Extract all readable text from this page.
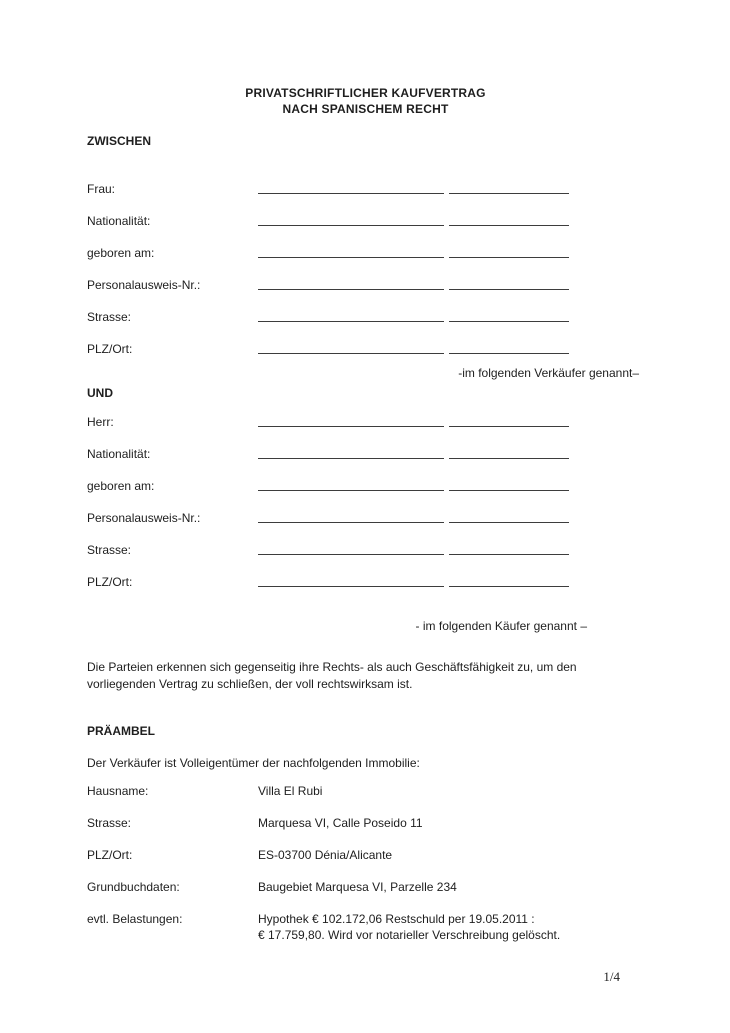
PRIVATSCHRIFTLICHER KAUFVERTRAG
NACH SPANISCHEM RECHT
ZWISCHEN
Frau:
Nationalität:
geboren am:
Personalausweis-Nr.:
Strasse:
PLZ/Ort:
-im folgenden Verkäufer genannt–
UND
Herr:
Nationalität:
geboren am:
Personalausweis-Nr.:
Strasse:
PLZ/Ort:
- im folgenden Käufer genannt –
Die Parteien erkennen sich gegenseitig ihre Rechts- als auch Geschäftsfähigkeit zu, um den vorliegenden Vertrag zu schließen, der voll rechtswirksam ist.
PRÄAMBEL
Der Verkäufer ist Volleigentümer der nachfolgenden Immobilie:
Hausname:	Villa El Rubi
Strasse:	Marquesa VI, Calle Poseido 11
PLZ/Ort:	ES-03700 Dénia/Alicante
Grundbuchdaten:	Baugebiet Marquesa VI, Parzelle 234
evtl. Belastungen:	Hypothek € 102.172,06 Restschuld per 19.05.2011 :
€ 17.759,80. Wird vor notarieller Verschreibung gelöscht.
1/4
